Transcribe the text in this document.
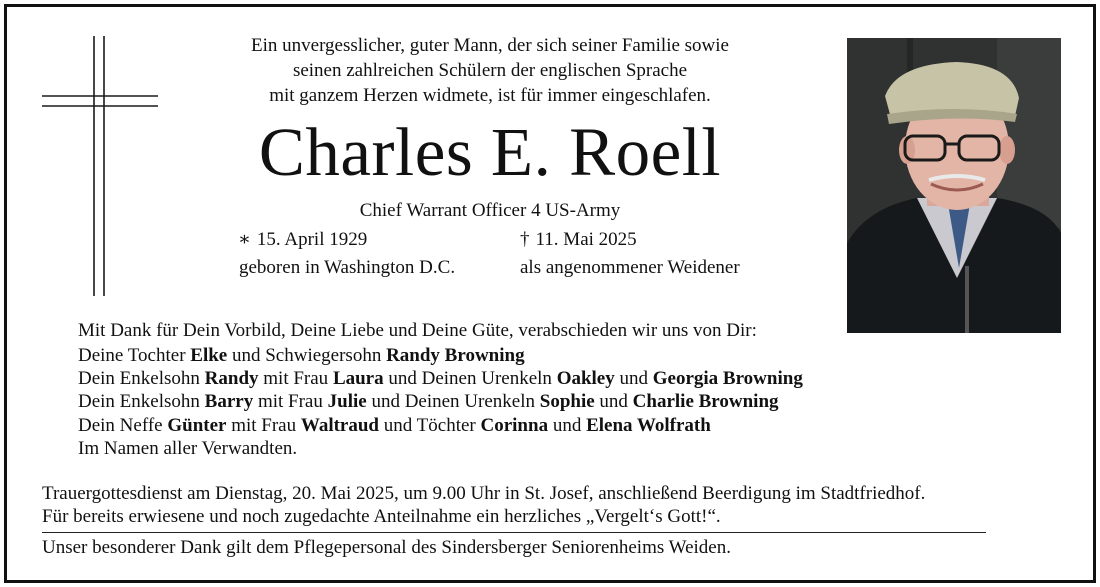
Ein unvergesslicher, guter Mann, der sich seiner Familie sowie
seinen zahlreichen Schülern der englischen Sprache
mit ganzem Herzen widmete, ist für immer eingeschlafen.
Charles E. Roell
Chief Warrant Officer 4 US-Army
∗ 15. April 1929	† 11. Mai 2025
geboren in Washington D.C.	als angenommener Weidener
Mit Dank für Dein Vorbild, Deine Liebe und Deine Güte, verabschieden wir uns von Dir:
Deine Tochter Elke und Schwiegersohn Randy Browning
Dein Enkelsohn Randy mit Frau Laura und Deinen Urenkeln Oakley und Georgia Browning
Dein Enkelsohn Barry mit Frau Julie und Deinen Urenkeln Sophie und Charlie Browning
Dein Neffe Günter mit Frau Waltraud und Töchter Corinna und Elena Wolfrath
Im Namen aller Verwandten.
Trauergottesdienst am Dienstag, 20. Mai 2025, um 9.00 Uhr in St. Josef, anschließend Beerdigung im Stadtfriedhof.
Für bereits erwiesene und noch zugedachte Anteilnahme ein herzliches „Vergelt‘s Gott!“.
Unser besonderer Dank gilt dem Pflegepersonal des Sindersberger Seniorenheims Weiden.
